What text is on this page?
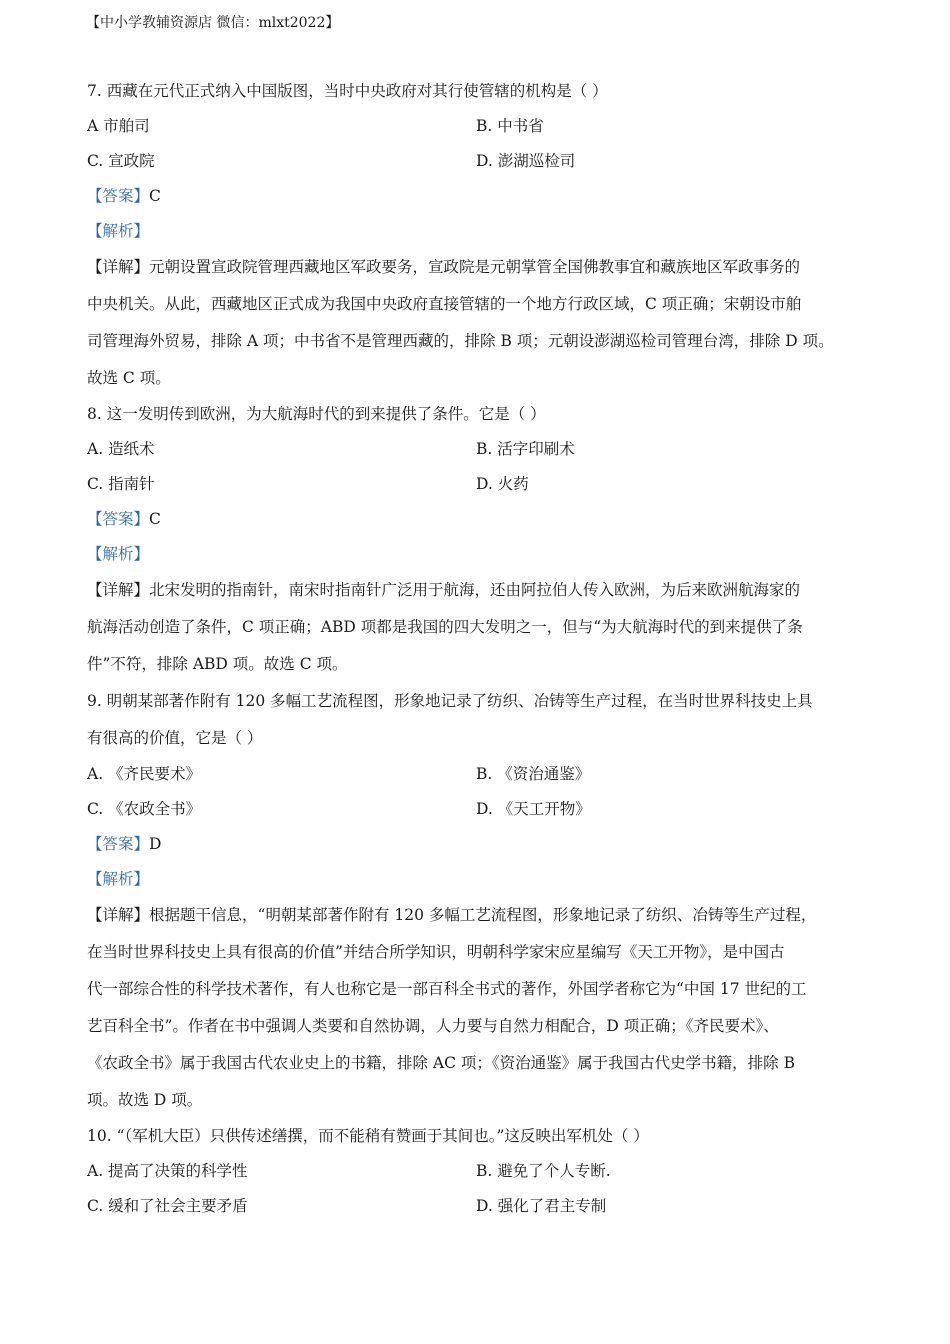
【中小学教辅资源店 微信：mlxt2022】
7. 西藏在元代正式纳入中国版图，当时中央政府对其行使管辖的机构是（ ）
A 市舶司	B. 中书省
C. 宣政院	D. 澎湖巡检司
【答案】C
【解析】
【详解】元朝设置宣政院管理西藏地区军政要务，宣政院是元朝掌管全国佛教事宜和藏族地区军政事务的
中央机关。从此，西藏地区正式成为我国中央政府直接管辖的一个地方行政区域，C 项正确；宋朝设市舶
司管理海外贸易，排除 A 项；中书省不是管理西藏的，排除 B 项；元朝设澎湖巡检司管理台湾，排除 D 项。
故选 C 项。
8. 这一发明传到欧洲，为大航海时代的到来提供了条件。它是（ ）
A. 造纸术	B. 活字印刷术
C. 指南针	D. 火药
【答案】C
【解析】
【详解】北宋发明的指南针，南宋时指南针广泛用于航海，还由阿拉伯人传入欧洲，为后来欧洲航海家的
航海活动创造了条件，C 项正确；ABD 项都是我国的四大发明之一，但与“为大航海时代的到来提供了条
件”不符，排除 ABD 项。故选 C 项。
9. 明朝某部著作附有 120 多幅工艺流程图，形象地记录了纺织、冶铸等生产过程，在当时世界科技史上具
有很高的价值，它是（ ）
A. 《齐民要术》	B. 《资治通鉴》
C. 《农政全书》	D. 《天工开物》
【答案】D
【解析】
【详解】根据题干信息，“明朝某部著作附有 120 多幅工艺流程图，形象地记录了纺织、冶铸等生产过程，
在当时世界科技史上具有很高的价值”并结合所学知识，明朝科学家宋应星编写《天工开物》，是中国古
代一部综合性的科学技术著作，有人也称它是一部百科全书式的著作，外国学者称它为“中国 17 世纪的工
艺百科全书”。作者在书中强调人类要和自然协调，人力要与自然力相配合，D 项正确；《齐民要术》、
《农政全书》属于我国古代农业史上的书籍，排除 AC 项；《资治通鉴》属于我国古代史学书籍，排除 B
项。故选 D 项。
10. “（军机大臣）只供传述缮撰，而不能稍有赞画于其间也。”这反映出军机处（ ）
A. 提高了决策的科学性	B. 避免了个人专断.
C. 缓和了社会主要矛盾	D. 强化了君主专制
